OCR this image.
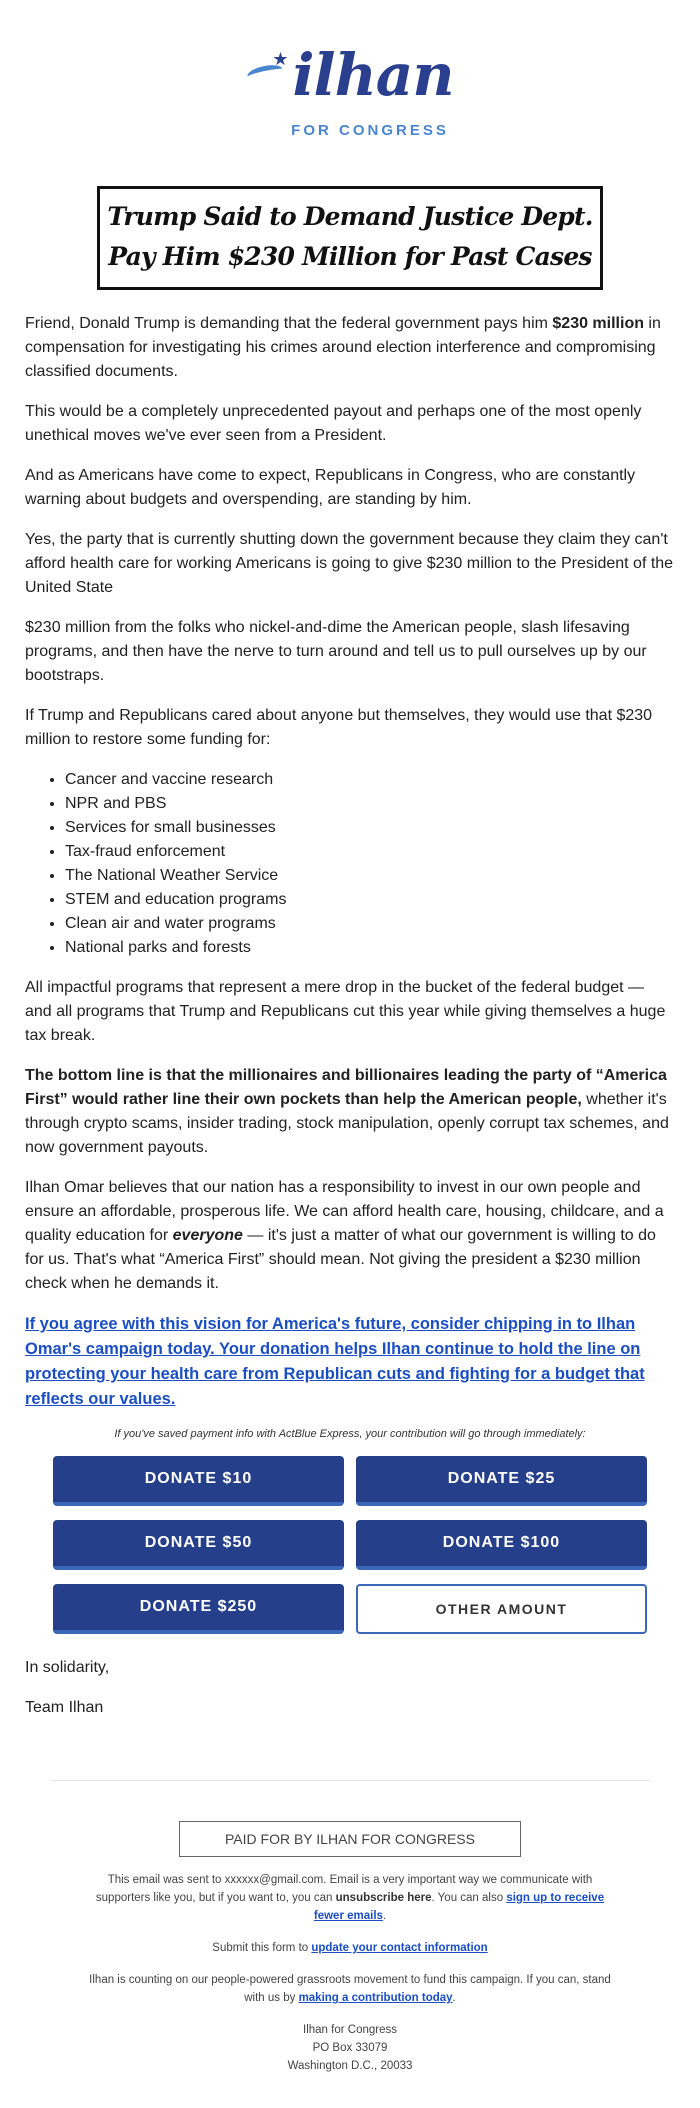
★ ilhan
FOR CONGRESS
Trump Said to Demand Justice Dept.
Pay Him $230 Million for Past Cases

Friend, Donald Trump is demanding that the federal government pays him $230 million in compensation for investigating his crimes around election interference and compromising classified documents.

This would be a completely unprecedented payout and perhaps one of the most openly unethical moves we've ever seen from a President.

And as Americans have come to expect, Republicans in Congress, who are constantly warning about budgets and overspending, are standing by him.

Yes, the party that is currently shutting down the government because they claim they can't afford health care for working Americans is going to give $230 million to the President of the United State

$230 million from the folks who nickel-and-dime the American people, slash lifesaving programs, and then have the nerve to turn around and tell us to pull ourselves up by our bootstraps.

If Trump and Republicans cared about anyone but themselves, they would use that $230 million to restore some funding for:

• Cancer and vaccine research
• NPR and PBS
• Services for small businesses
• Tax-fraud enforcement
• The National Weather Service
• STEM and education programs
• Clean air and water programs
• National parks and forests

All impactful programs that represent a mere drop in the bucket of the federal budget — and all programs that Trump and Republicans cut this year while giving themselves a huge tax break.

The bottom line is that the millionaires and billionaires leading the party of “America First” would rather line their own pockets than help the American people, whether it's through crypto scams, insider trading, stock manipulation, openly corrupt tax schemes, and now government payouts.

Ilhan Omar believes that our nation has a responsibility to invest in our own people and ensure an affordable, prosperous life. We can afford health care, housing, childcare, and a quality education for everyone — it's just a matter of what our government is willing to do for us. That's what “America First” should mean. Not giving the president a $230 million check when he demands it.

If you agree with this vision for America's future, consider chipping in to Ilhan Omar's campaign today. Your donation helps Ilhan continue to hold the line on protecting your health care from Republican cuts and fighting for a budget that reflects our values.

If you've saved payment info with ActBlue Express, your contribution will go through immediately:
DONATE $10	DONATE $25
DONATE $50	DONATE $100
DONATE $250	OTHER AMOUNT

In solidarity,

Team Ilhan

PAID FOR BY ILHAN FOR CONGRESS

This email was sent to xxxxxx@gmail.com. Email is a very important way we communicate with supporters like you, but if you want to, you can unsubscribe here. You can also sign up to receive fewer emails.

Submit this form to update your contact information

Ilhan is counting on our people-powered grassroots movement to fund this campaign. If you can, stand with us by making a contribution today.

Ilhan for Congress
PO Box 33079
Washington D.C., 20033
